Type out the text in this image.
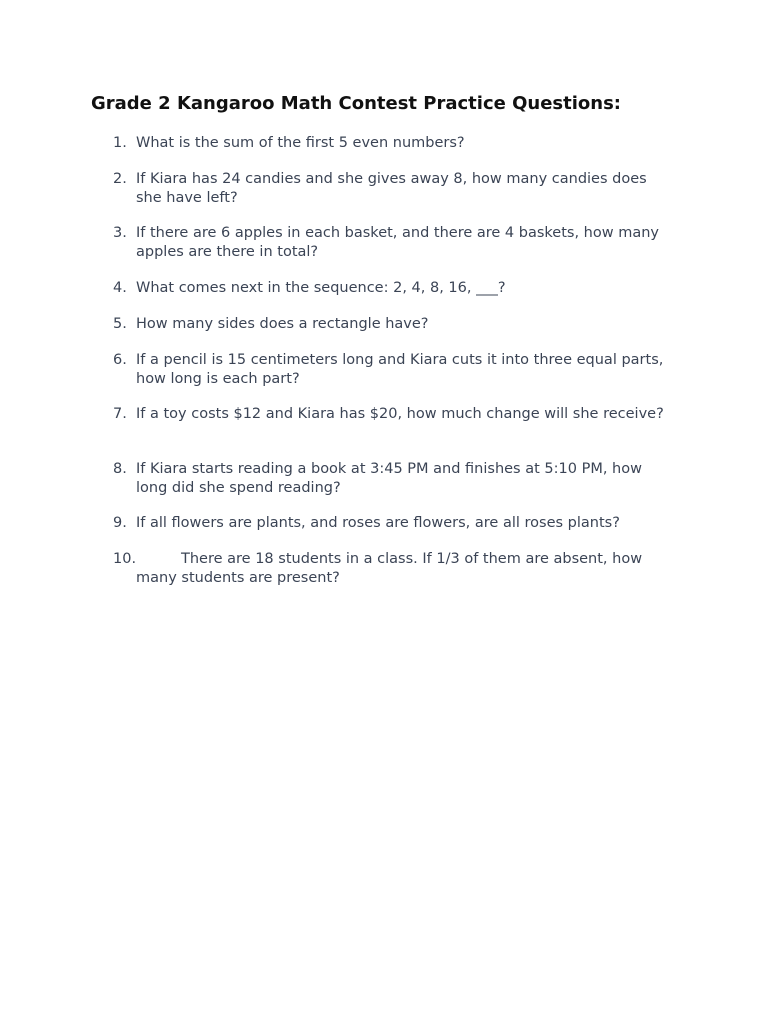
Grade 2 Kangaroo Math Contest Practice Questions:
1. What is the sum of the first 5 even numbers?
2. If Kiara has 24 candies and she gives away 8, how many candies does she have left?
3. If there are 6 apples in each basket, and there are 4 baskets, how many apples are there in total?
4. What comes next in the sequence: 2, 4, 8, 16, ___?
5. How many sides does a rectangle have?
6. If a pencil is 15 centimeters long and Kiara cuts it into three equal parts, how long is each part?
7. If a toy costs $12 and Kiara has $20, how much change will she receive?
8. If Kiara starts reading a book at 3:45 PM and finishes at 5:10 PM, how long did she spend reading?
9. If all flowers are plants, and roses are flowers, are all roses plants?
10.	There are 18 students in a class. If 1/3 of them are absent, how many students are present?
